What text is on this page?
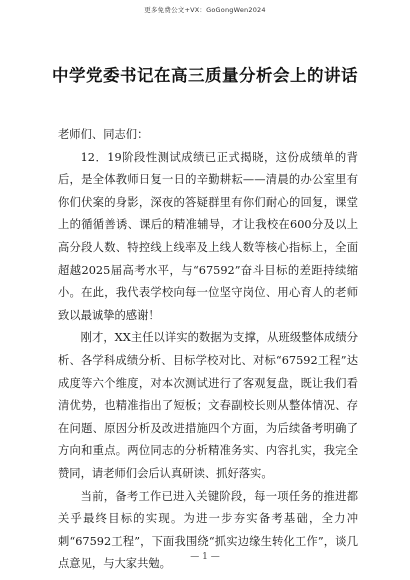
更多免费公文+VX：GoGongWen2024
中学党委书记在高三质量分析会上的讲话

老师们、同志们：

12．19阶段性测试成绩已正式揭晓，这份成绩单的背后，是全体教师日复一日的辛勤耕耘——清晨的办公室里有你们伏案的身影，深夜的答疑群里有你们耐心的回复，课堂上的循循善诱、课后的精准辅导，才让我校在600分及以上高分段人数、特控线上线率及上线人数等核心指标上，全面超越2025届高考水平，与“67592”奋斗目标的差距持续缩小。在此，我代表学校向每一位坚守岗位、用心育人的老师致以最诚挚的感谢！

刚才，XX主任以详实的数据为支撑，从班级整体成绩分析、各学科成绩分析、目标学校对比、对标“67592工程”达成度等六个维度，对本次测试进行了客观复盘，既让我们看清优势，也精准指出了短板；文春副校长则从整体情况、存在问题、原因分析及改进措施四个方面，为后续备考明确了方向和重点。两位同志的分析精准务实、内容扎实，我完全赞同，请老师们会后认真研读、抓好落实。

当前，备考工作已进入关键阶段，每一项任务的推进都关乎最终目标的实现。为进一步夯实备考基础，全力冲刺“67592工程”，下面我围绕“抓实边缘生转化工作”，谈几点意见，与大家共勉。

— 1 —
